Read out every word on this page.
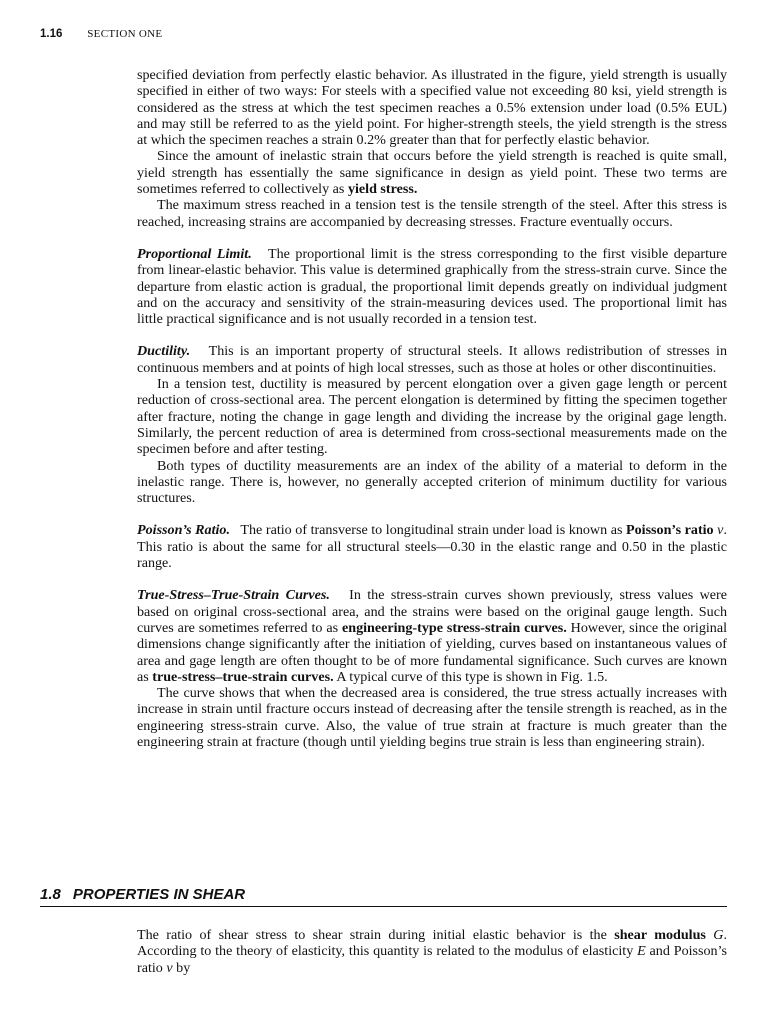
1.16 SECTION ONE

specified deviation from perfectly elastic behavior. As illustrated in the figure, yield strength is usually specified in either of two ways: For steels with a specified value not exceeding 80 ksi, yield strength is considered as the stress at which the test specimen reaches a 0.5% extension under load (0.5% EUL) and may still be referred to as the yield point. For higher-strength steels, the yield strength is the stress at which the specimen reaches a strain 0.2% greater than that for perfectly elastic behavior.

Since the amount of inelastic strain that occurs before the yield strength is reached is quite small, yield strength has essentially the same significance in design as yield point. These two terms are sometimes referred to collectively as yield stress.

The maximum stress reached in a tension test is the tensile strength of the steel. After this stress is reached, increasing strains are accompanied by decreasing stresses. Fracture eventually occurs.

Proportional Limit. The proportional limit is the stress corresponding to the first visible departure from linear-elastic behavior. This value is determined graphically from the stress-strain curve. Since the departure from elastic action is gradual, the proportional limit depends greatly on individual judgment and on the accuracy and sensitivity of the strain-measuring devices used. The proportional limit has little practical significance and is not usually recorded in a tension test.

Ductility. This is an important property of structural steels. It allows redistribution of stresses in continuous members and at points of high local stresses, such as those at holes or other discontinuities.

In a tension test, ductility is measured by percent elongation over a given gage length or percent reduction of cross-sectional area. The percent elongation is determined by fitting the specimen together after fracture, noting the change in gage length and dividing the increase by the original gage length. Similarly, the percent reduction of area is determined from cross-sectional measurements made on the specimen before and after testing.

Both types of ductility measurements are an index of the ability of a material to deform in the inelastic range. There is, however, no generally accepted criterion of minimum ductility for various structures.

Poisson’s Ratio. The ratio of transverse to longitudinal strain under load is known as Poisson’s ratio ν. This ratio is about the same for all structural steels—0.30 in the elastic range and 0.50 in the plastic range.

True-Stress–True-Strain Curves. In the stress-strain curves shown previously, stress values were based on original cross-sectional area, and the strains were based on the original gauge length. Such curves are sometimes referred to as engineering-type stress-strain curves. However, since the original dimensions change significantly after the initiation of yielding, curves based on instantaneous values of area and gage length are often thought to be of more fundamental significance. Such curves are known as true-stress–true-strain curves. A typical curve of this type is shown in Fig. 1.5.

The curve shows that when the decreased area is considered, the true stress actually increases with increase in strain until fracture occurs instead of decreasing after the tensile strength is reached, as in the engineering stress-strain curve. Also, the value of true strain at fracture is much greater than the engineering strain at fracture (though until yielding begins true strain is less than engineering strain).

1.8 PROPERTIES IN SHEAR

The ratio of shear stress to shear strain during initial elastic behavior is the shear modulus G. According to the theory of elasticity, this quantity is related to the modulus of elasticity E and Poisson’s ratio ν by
